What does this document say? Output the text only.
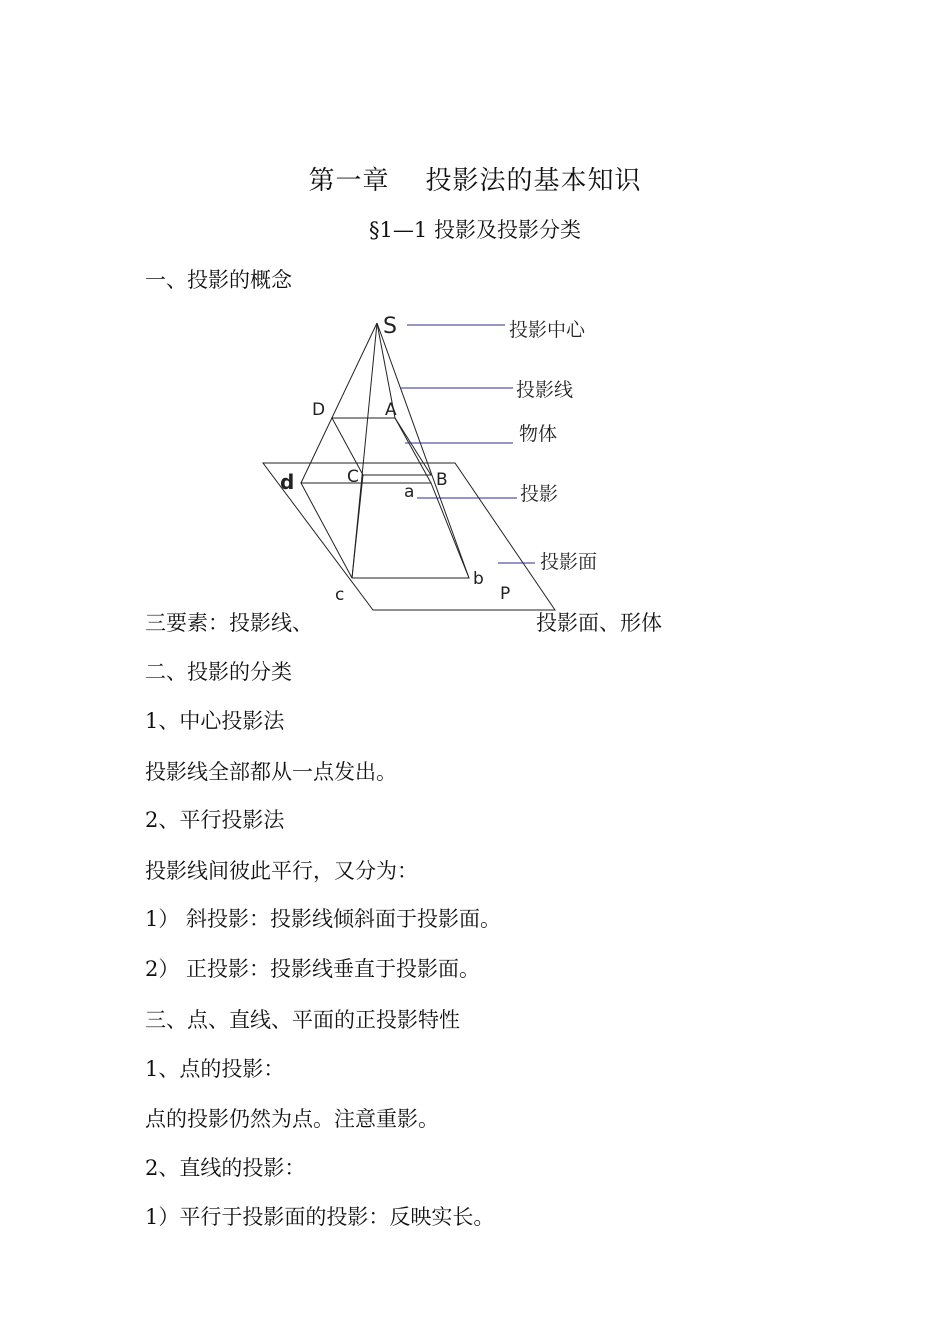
第一章 投影法的基本知识
§1—1 投影及投影分类
一、投影的概念
S
D	A
d	C	B
a
c
b
P
投影中心
投影线
物体
投影
投影面
三要素：投影线、	投影面、形体
二、投影的分类
1、中心投影法
投影线全部都从一点发出。
2、平行投影法
投影线间彼此平行，又分为：
1） 斜投影：投影线倾斜面于投影面。
2） 正投影：投影线垂直于投影面。
三、点、直线、平面的正投影特性
1、点的投影：
点的投影仍然为点。注意重影。
2、直线的投影：
1）平行于投影面的投影：反映实长。
